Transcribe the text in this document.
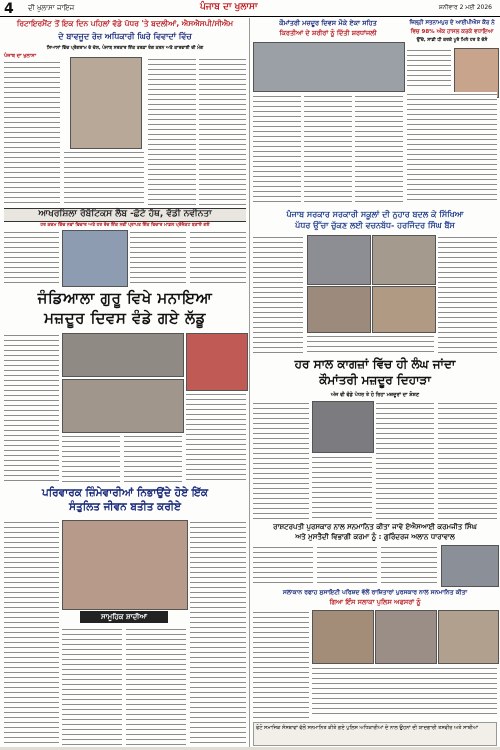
4 ਦੀ ਖੁਲਾਸਾ ਜਾਇਜ	ਪੰਜਾਬ ਦਾ ਖੁਲਾਸਾ	ਸ਼ਨੀਵਾਰ 2 ਮਈ 2026
ਰਿਟਾਇਰਮੈਂਟ ਤੋਂ ਇਕ ਦਿਨ ਪਹਿਲਾਂ ਵੱਡੇ ਪੱਧਰ 'ਤੇ ਬਦਲੀਆਂ, ਐਸਐਸਪੀ/ਸੀਐਮ
ਦੇ ਬਾਵਜੂਦ ਰੋਜ਼ ਅਧਿਕਾਰੀ ਘਿਰੇ ਵਿਵਾਦਾਂ ਵਿੱਚ
ਸਿਆਸਾਂ ਵਿੱਚ ਪ੍ਰੋਗਰਾਮ ਦੇ ਚੱਲ, ਪੰਜਾਬ ਸਰਕਾਰ ਇੱਕ ਤਰਫ਼ਾ ਰੰਗ ਕਰਨ ਅਤੇ ਕਾਰਵਾਈ ਦੀ ਮੰਗ
ਪੰਜਾਬ ਦਾ ਖੁਲਾਸਾ
ਆਖਰਸ਼ਿਲਾ ਰੋਬੋਟਿਕਸ ਲੈਬ -ਛੋਟੇ ਹੱਥ, ਵੱਡੀ ਨਵੀਨਤਾ
ਹਰ ਕਦਮ ਵਿੱਚ ਨਵਾਂ ਵਿਚਾਰ ਅਤੇ ਹਰ ਰੋਜ਼ ਇੱਕ ਨਵੀਂ ਪ੍ਰਾਪਤ ਇੱਕ ਵਿਚਾਰ ਮਾਡਲ ਪ੍ਰੋਜੈਕਟ ਬਣਾਏ ਗਏ
ਜੰਡਿਆਲਾ ਗੁਰੂ ਵਿਖੇ ਮਨਾਇਆ
ਮਜ਼ਦੂਰ ਦਿਵਸ ਵੰਡੇ ਗਏ ਲੱਡੂ
ਪਰਿਵਾਰਕ ਜ਼ਿੰਮੇਵਾਰੀਆਂ ਨਿਭਾਉਂਦੇ ਹੋਏ ਇੱਕ
ਸੰਤੁਲਿਤ ਜੀਵਨ ਬਤੀਤ ਕਰੀਏ
ਸਾਮੂਹਿਕ ਸ਼ਾਦੀਆਂ
ਕੌਮਾਂਤਰੀ ਮਜ਼ਦੂਰ ਦਿਵਸ ਮੌਕੇ ਏਕਾ ਸਹਿਤ
ਕਿਰਤੀਆਂ ਦੇ ਸ਼ਰੀਰਾਂ ਨੂੰ ਦਿੱਤੀ ਸ਼ਰਧਾਂਜਲੀ
ਜ਼ਿਲ੍ਹੀ ਸਤਨਾਮਪੁਰ ਦੇ ਆਈਪੀਐਸ ਕੌਰ ਨੇ
ਵਿਚ 98% ਅੰਕ ਹਾਸਲ ਕਰਕੇ ਵਧਾਇਆ
ਉੱਚੇ, ਸਾਡੀ ਧੀ ਕਰਕੇ ਪੂਰੇ ਮਿਲੇ ਹਰ ਤੇ ਦੱਸੋ
ਪੰਜਾਬ ਸਰਕਾਰ ਸਰਕਾਰੀ ਸਕੂਲਾਂ ਦੀ ਨੁਹਾਰ ਬਦਲ ਕੇ ਸਿੱਖਿਆ
ਪੱਧਰ ਉੱਚਾ ਚੁੱਕਣ ਲਈ ਵਚਨਬੱਧ- ਹਰਜਿੰਦਰ ਸਿੰਘ ਬੈਂਸ
ਹਰ ਸਾਲ ਕਾਗਜ਼ਾਂ ਵਿੱਚ ਹੀ ਲੰਘ ਜਾਂਦਾ
ਕੌਮਾਂਤਰੀ ਮਜ਼ਦੂਰ ਦਿਹਾੜਾ
ਅੱਜ ਵੀ ਵੱਡੇ ਪੱਧਰ ਤੇ ਹੋ ਰਿਹਾ ਮਜ਼ਦੂਰਾਂ ਦਾ ਸ਼ੋਸ਼ਣ
ਰਾਸ਼ਟਰਪਤੀ ਪੁਰਸਕਾਰ ਨਾਲ ਸਨਮਾਨਿਤ ਕੀਤਾ ਜਾਵੇ ਏਐਸਆਈ ਕਰਮਜੀਤ ਸਿੰਘ
ਅਤੇ ਮੁਸਤੈਦੀ ਵਿਭਾਗੀ ਕਰਮਾ ਨੂੰ : ਗੁਰਿੰਦਰਜ ਅਲਾਨ ਧਾਰਾਵਾਲ
ਸਲਾਕਾਨ ਰਫਾਹ ਸੁਸਾਇਟੀ ਪਰਿਸ਼ਦ ਵੱਲੋਂ ਰਾਜ਼ਿਤਾਰਾਂ ਪੁਰਸਕਾਰ ਨਾਲ ਸਨਮਾਨਿਤ ਕੀਤਾ
ਗਿਆ ਇੰਸ ਸਲਾਕਾ ਪੁਲਿਸ ਅਫਸਰਾਂ ਨੂੰ
ਫੋਟੋ ਸਮਾਜਿਕ ਸੰਸਥਾਵਾਂ ਵੱਲੋਂ ਸਨਮਾਨਿਤ ਕੀਤੇ ਗਏ ਪੁਲਿਸ ਅਧਿਕਾਰੀਆਂ ਦੇ ਨਾਲ ਉਹਨਾਂ ਦੀ ਯਾਦਗਾਰੀ ਤਸਵੀਰ ਅਤੇ ਸਾਥੀਆਂ
